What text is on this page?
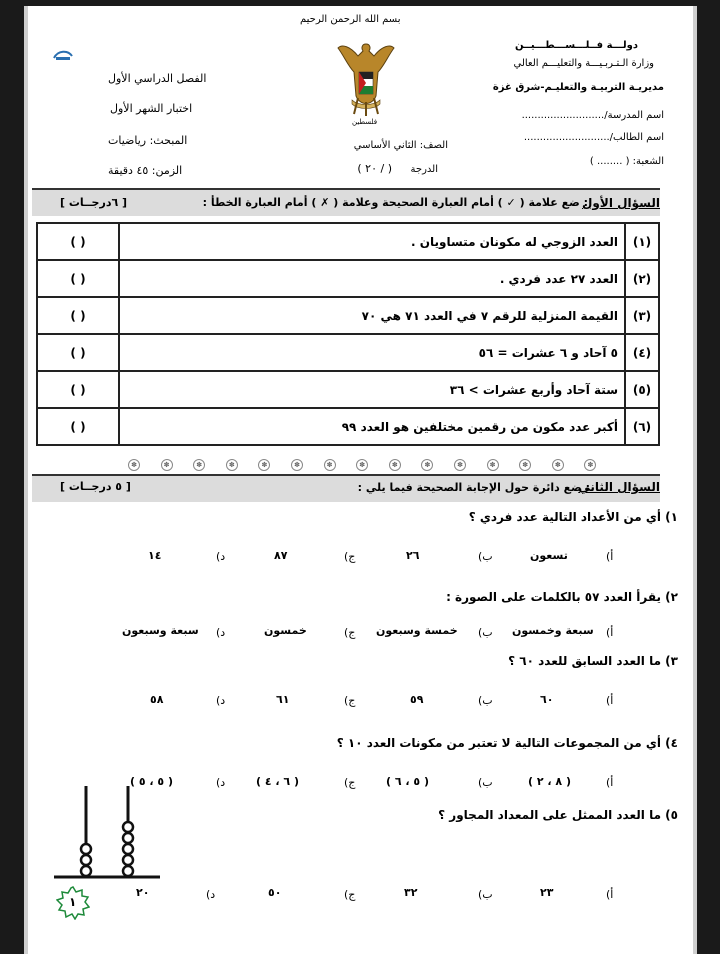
بسم الله الرحمن الرحيم
دولـــة فــلـــســـطـــيــن
وزارة الـتـربـيـــة والتعليـــم العالي
مديريـة التربيـة والتعليـم-شرق غزة
اسم المدرسة/..........................
اسم الطالب/...........................
الشعبة: ( ........ )
فلسطين
الصف: الثاني الأساسي
الدرجة
( / ٢٠ )
الفصل الدراسي الأول
اختبار الشهر الأول
المبحث: رياضيات
الزمن: ٤٥ دقيقة
السؤال الأول
: ضع علامة ( ✓ ) أمام العبارة الصحيحة وعلامة ( ✗ ) أمام العبارة الخطأ :
[ ٦درجــات ]
(١)	العدد الزوجي له مكونان متساويان .	( )
(٢)	العدد ٢٧ عدد فردي .	( )
(٣)	القيمة المنزلية للرقم ٧ في العدد ٧١ هي ٧٠	( )
(٤)	٥ آحاد و ٦ عشرات = ٥٦	( )
(٥)	ستة آحاد وأربع عشرات > ٣٦	( )
(٦)	أكبر عدد مكون من رقمين مختلفين هو العدد ٩٩	( )
✽	✽	✽	✽	✽	✽	✽	✽	✽	✽	✽	✽	✽	✽	✽
السؤال الثاني
: ضع دائرة حول الإجابة الصحيحة فيما يلي :
[ ٥ درجــات ]
١) أي من الأعداد التالية عدد فردي ؟
أ)
تسعون
ب)
٢٦
ج)
٨٧
د)
١٤
٢) يقرأ العدد ٥٧ بالكلمات على الصورة :
أ)
سبعة وخمسون
ب)
خمسة وسبعون
ج)
خمسون
د)
سبعة وسبعون
٣) ما العدد السابق للعدد ٦٠ ؟
أ)
٦٠
ب)
٥٩
ج)
٦١
د)
٥٨
٤) أي من المجموعات التالية لا تعتبر من مكونات العدد ١٠ ؟
أ)
( ٨ ، ٢ )
ب)
( ٥ ، ٦ )
ج)
( ٦ ، ٤ )
د)
( ٥ ، ٥ )
٥) ما العدد الممثل على المعداد المجاور ؟
أ)
٢٣
ب)
٣٢
ج)
٥٠
د)
٢٠
١
